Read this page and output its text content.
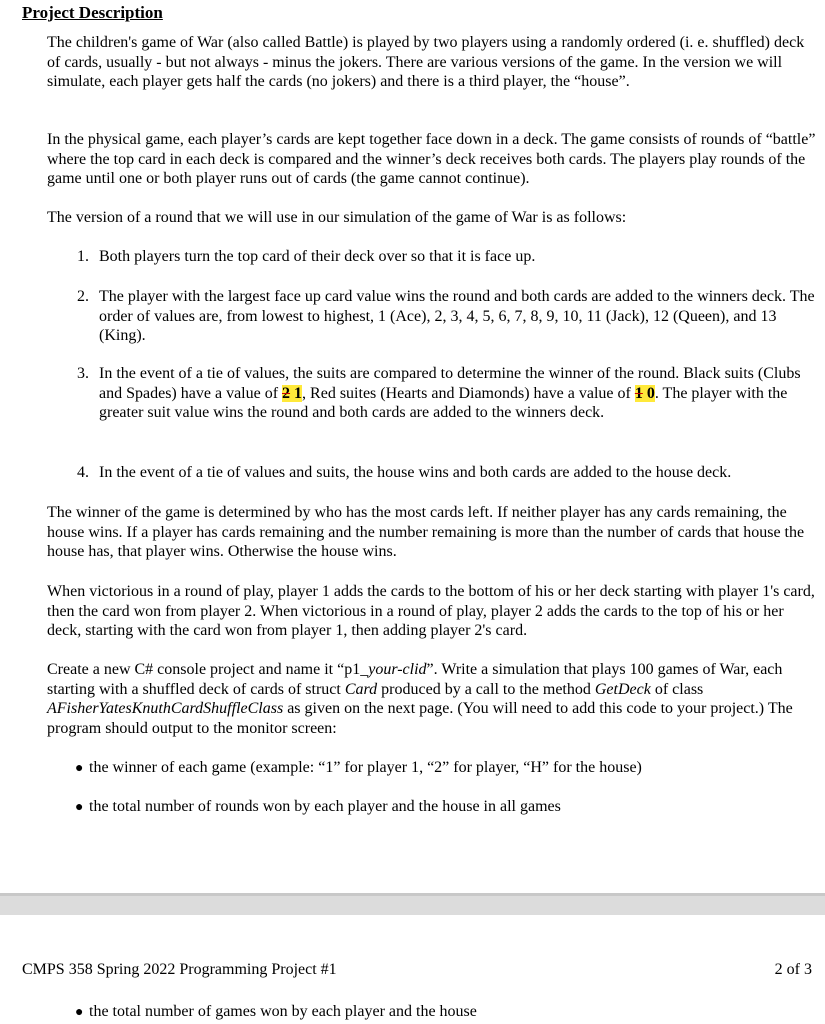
Project Description

The children's game of War (also called Battle) is played by two players using a randomly ordered (i. e. shuffled) deck of cards, usually - but not always - minus the jokers. There are various versions of the game. In the version we will simulate, each player gets half the cards (no jokers) and there is a third player, the “house”.

In the physical game, each player’s cards are kept together face down in a deck. The game consists of rounds of “battle” where the top card in each deck is compared and the winner’s deck receives both cards. The players play rounds of the game until one or both player runs out of cards (the game cannot continue).

The version of a round that we will use in our simulation of the game of War is as follows:

1. Both players turn the top card of their deck over so that it is face up.
2. The player with the largest face up card value wins the round and both cards are added to the winners deck. The order of values are, from lowest to highest, 1 (Ace), 2, 3, 4, 5, 6, 7, 8, 9, 10, 11 (Jack), 12 (Queen), and 13 (King).
3. In the event of a tie of values, the suits are compared to determine the winner of the round. Black suits (Clubs and Spades) have a value of 2 1, Red suites (Hearts and Diamonds) have a value of 1 0. The player with the greater suit value wins the round and both cards are added to the winners deck.
4. In the event of a tie of values and suits, the house wins and both cards are added to the house deck.

The winner of the game is determined by who has the most cards left. If neither player has any cards remaining, the house wins. If a player has cards remaining and the number remaining is more than the number of cards that house the house has, that player wins. Otherwise the house wins.

When victorious in a round of play, player 1 adds the cards to the bottom of his or her deck starting with player 1's card, then the card won from player 2. When victorious in a round of play, player 2 adds the cards to the top of his or her deck, starting with the card won from player 1, then adding player 2's card.

Create a new C# console project and name it “p1_your-clid”. Write a simulation that plays 100 games of War, each starting with a shuffled deck of cards of struct Card produced by a call to the method GetDeck of class AFisherYatesKnuthCardShuffleClass as given on the next page. (You will need to add this code to your project.) The program should output to the monitor screen:

● the winner of each game (example: “1” for player 1, “2” for player, “H” for the house)

● the total number of rounds won by each player and the house in all games

CMPS 358 Spring 2022 Programming Project #1	2 of 3

● the total number of games won by each player and the house
